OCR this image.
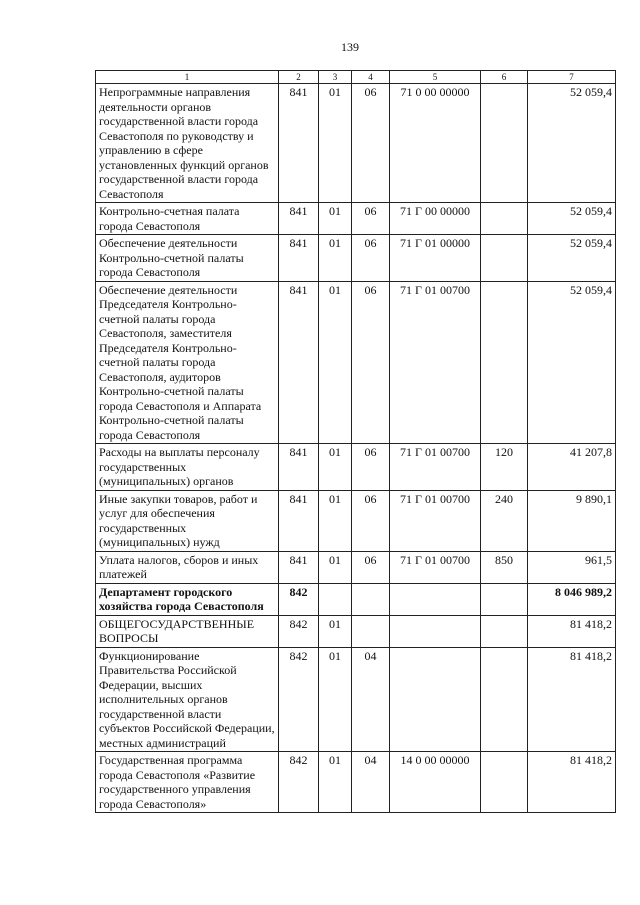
139
1	2	3	4	5	6	7
Непрограммные направления деятельности органов государственной власти города Севастополя по руководству и управлению в сфере установленных функций органов государственной власти города Севастополя	841	01	06	71 0 00 00000		52 059,4
Контрольно-счетная палата города Севастополя	841	01	06	71 Г 00 00000		52 059,4
Обеспечение деятельности Контрольно-счетной палаты города Севастополя	841	01	06	71 Г 01 00000		52 059,4
Обеспечение деятельности Председателя Контрольно-счетной палаты города Севастополя, заместителя Председателя Контрольно-счетной палаты города Севастополя, аудиторов Контрольно-счетной палаты города Севастополя и Аппарата Контрольно-счетной палаты города Севастополя	841	01	06	71 Г 01 00700		52 059,4
Расходы на выплаты персоналу государственных (муниципальных) органов	841	01	06	71 Г 01 00700	120	41 207,8
Иные закупки товаров, работ и услуг для обеспечения государственных (муниципальных) нужд	841	01	06	71 Г 01 00700	240	9 890,1
Уплата налогов, сборов и иных платежей	841	01	06	71 Г 01 00700	850	961,5
Департамент городского хозяйства города Севастополя	842					8 046 989,2
ОБЩЕГОСУДАРСТВЕННЫЕ ВОПРОСЫ	842	01				81 418,2
Функционирование Правительства Российской Федерации, высших исполнительных органов государственной власти субъектов Российской Федерации, местных администраций	842	01	04			81 418,2
Государственная программа города Севастополя «Развитие государственного управления города Севастополя»	842	01	04	14 0 00 00000		81 418,2
